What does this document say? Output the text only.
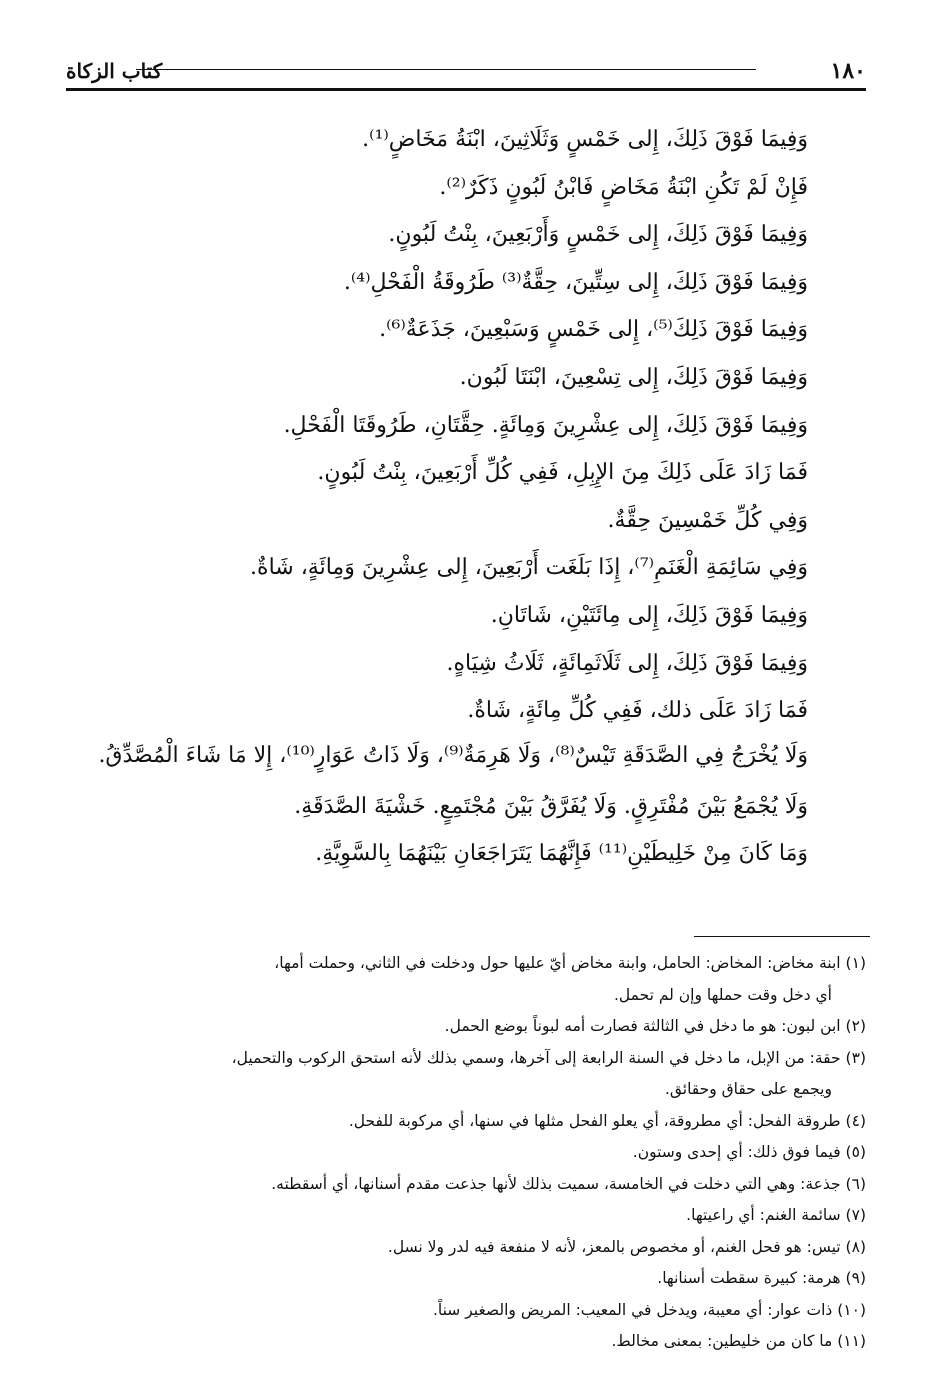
كتاب الزكاة	١٨٠

وَفِيمَا فَوْقَ ذَلِكَ، إِلى خَمْسٍ وَثَلَاثِينَ، ابْنَةُ مَخَاضٍ⁽¹⁾.

فَإِنْ لَمْ تَكُنِ ابْنَةُ مَخَاضٍ فَابْنُ لَبُونٍ ذَكَرٌ⁽²⁾.

وَفِيمَا فَوْقَ ذَلِكَ، إِلى خَمْسٍ وَأَرْبَعِينَ، بِنْتُ لَبُونٍ.

وَفِيمَا فَوْقَ ذَلِكَ، إِلى سِتِّينَ، حِقَّةٌ⁽³⁾ طَرُوقَةُ الْفَحْلِ⁽⁴⁾.

وَفِيمَا فَوْقَ ذَلِكَ⁽⁵⁾، إِلى خَمْسٍ وَسَبْعِينَ، جَذَعَةٌ⁽⁶⁾.

وَفِيمَا فَوْقَ ذَلِكَ، إِلى تِسْعِينَ، ابْنَتَا لَبُون.

وَفِيمَا فَوْقَ ذَلِكَ، إِلى عِشْرِينَ وَمِائَةٍ. حِقَّتَانِ، طَرُوقَتَا الْفَحْلِ.

فَمَا زَادَ عَلَى ذَلِكَ مِنَ الإِبِلِ، فَفِي كُلِّ أَرْبَعِينَ، بِنْتُ لَبُونٍ.

وَفِي كُلِّ خَمْسِينَ حِقَّةٌ.

وَفِي سَائِمَةِ الْغَنَمِ⁽⁷⁾، إِذَا بَلَغَت أَرْبَعِينَ، إِلى عِشْرِينَ وَمِائَةٍ، شَاةٌ.

وَفِيمَا فَوْقَ ذَلِكَ، إِلى مِائَتَيْنِ، شَاتَانِ.

وَفِيمَا فَوْقَ ذَلِكَ، إِلى ثَلَاثَمِائَةٍ، ثَلَاثُ شِيَاهٍ.

فَمَا زَادَ عَلَى ذلك، فَفِي كُلِّ مِائَةٍ، شَاةٌ.

وَلَا يُخْرَجُ فِي الصَّدَقَةِ تَيْسٌ⁽⁸⁾، وَلَا هَرِمَةٌ⁽⁹⁾، وَلَا ذَاتُ عَوَارٍ⁽¹⁰⁾، إِلا مَا شَاءَ الْمُصَّدِّقُ.

وَلَا يُجْمَعُ بَيْنَ مُفْتَرِقٍ. وَلَا يُفَرَّقُ بَيْنَ مُجْتَمِعٍ. خَشْيَةَ الصَّدَقَةِ.

وَمَا كَانَ مِنْ خَلِيطَيْنِ⁽¹¹⁾ فَإِنَّهُمَا يَتَرَاجَعَانِ بَيْنَهُمَا بِالسَّوِيَّةِ.

(١) ابنة مخاض: المخاض: الحامل، وابنة مخاض أيّ عليها حول ودخلت في الثاني، وحملت أمها،
أي دخل وقت حملها وإن لم تحمل.

(٢) ابن لبون: هو ما دخل في الثالثة فصارت أمه لبوناً بوضع الحمل.

(٣) حقة: من الإبل، ما دخل في السنة الرابعة إلى آخرها، وسمي بذلك لأنه استحق الركوب والتحميل،
ويجمع على حقاق وحقائق.

(٤) طروقة الفحل: أي مطروقة، أي يعلو الفحل مثلها في سنها، أي مركوبة للفحل.

(٥) فيما فوق ذلك: أي إحدى وستون.

(٦) جذعة: وهي التي دخلت في الخامسة، سميت بذلك لأنها جذعت مقدم أسنانها، أي أسقطته.

(٧) سائمة الغنم: أي راعيتها.

(٨) تيس: هو فحل الغنم، أو مخصوص بالمعز، لأنه لا منفعة فيه لدر ولا نسل.

(٩) هرمة: كبيرة سقطت أسنانها.

(١٠) ذات عوار: أي معيبة، ويدخل في المعيب: المريض والصغير سناً.

(١١) ما كان من خليطين: بمعنى مخالط.
